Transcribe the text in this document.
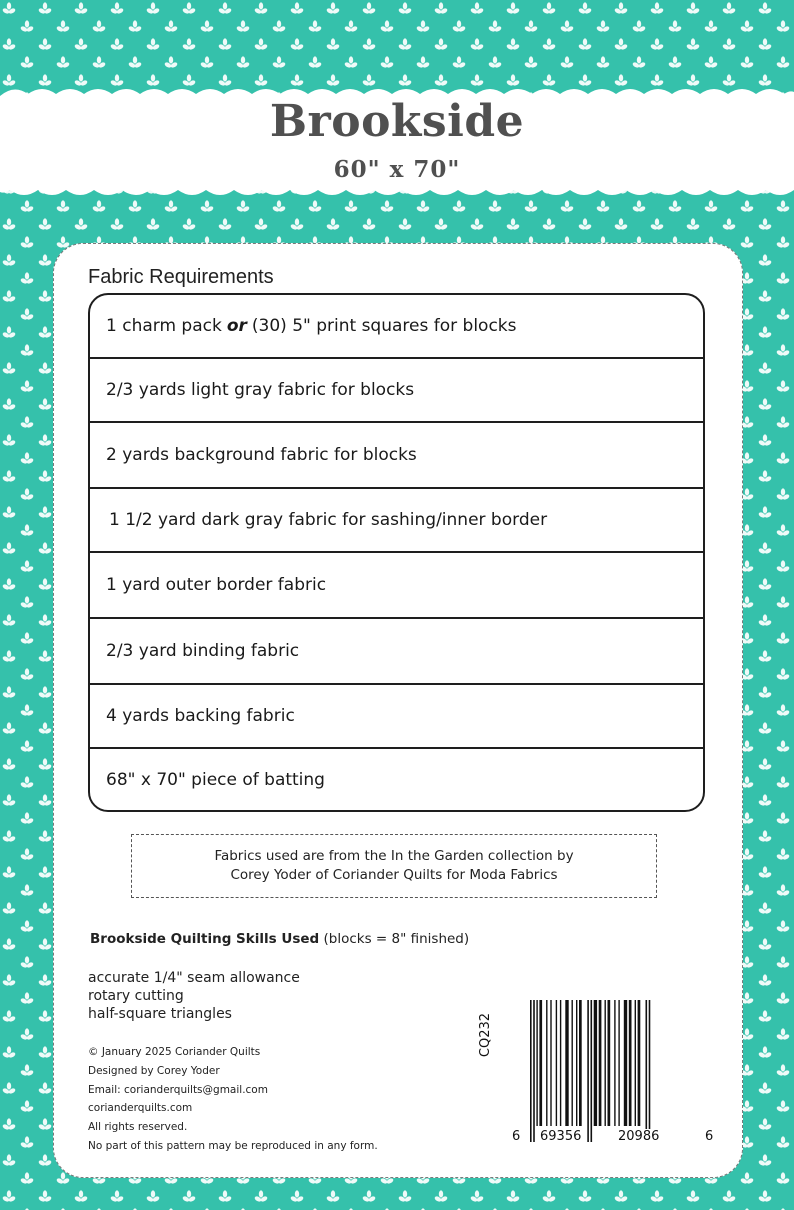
Brookside
60" x 70"
Fabric Requirements
1 charm pack or (30) 5" print squares for blocks
2/3 yards light gray fabric for blocks
2 yards background fabric for blocks
1 1/2 yard dark gray fabric for sashing/inner border
1 yard outer border fabric
2/3 yard binding fabric
4 yards backing fabric
68" x 70" piece of batting
Fabrics used are from the In the Garden collection by
Corey Yoder of Coriander Quilts for Moda Fabrics
Brookside Quilting Skills Used (blocks = 8" finished)
accurate 1/4" seam allowance
rotary cutting
half-square triangles
© January 2025 Coriander Quilts
Designed by Corey Yoder
Email: corianderquilts@gmail.com
corianderquilts.com
All rights reserved.
No part of this pattern may be reproduced in any form.
CQ232
6 69356	20986	6
